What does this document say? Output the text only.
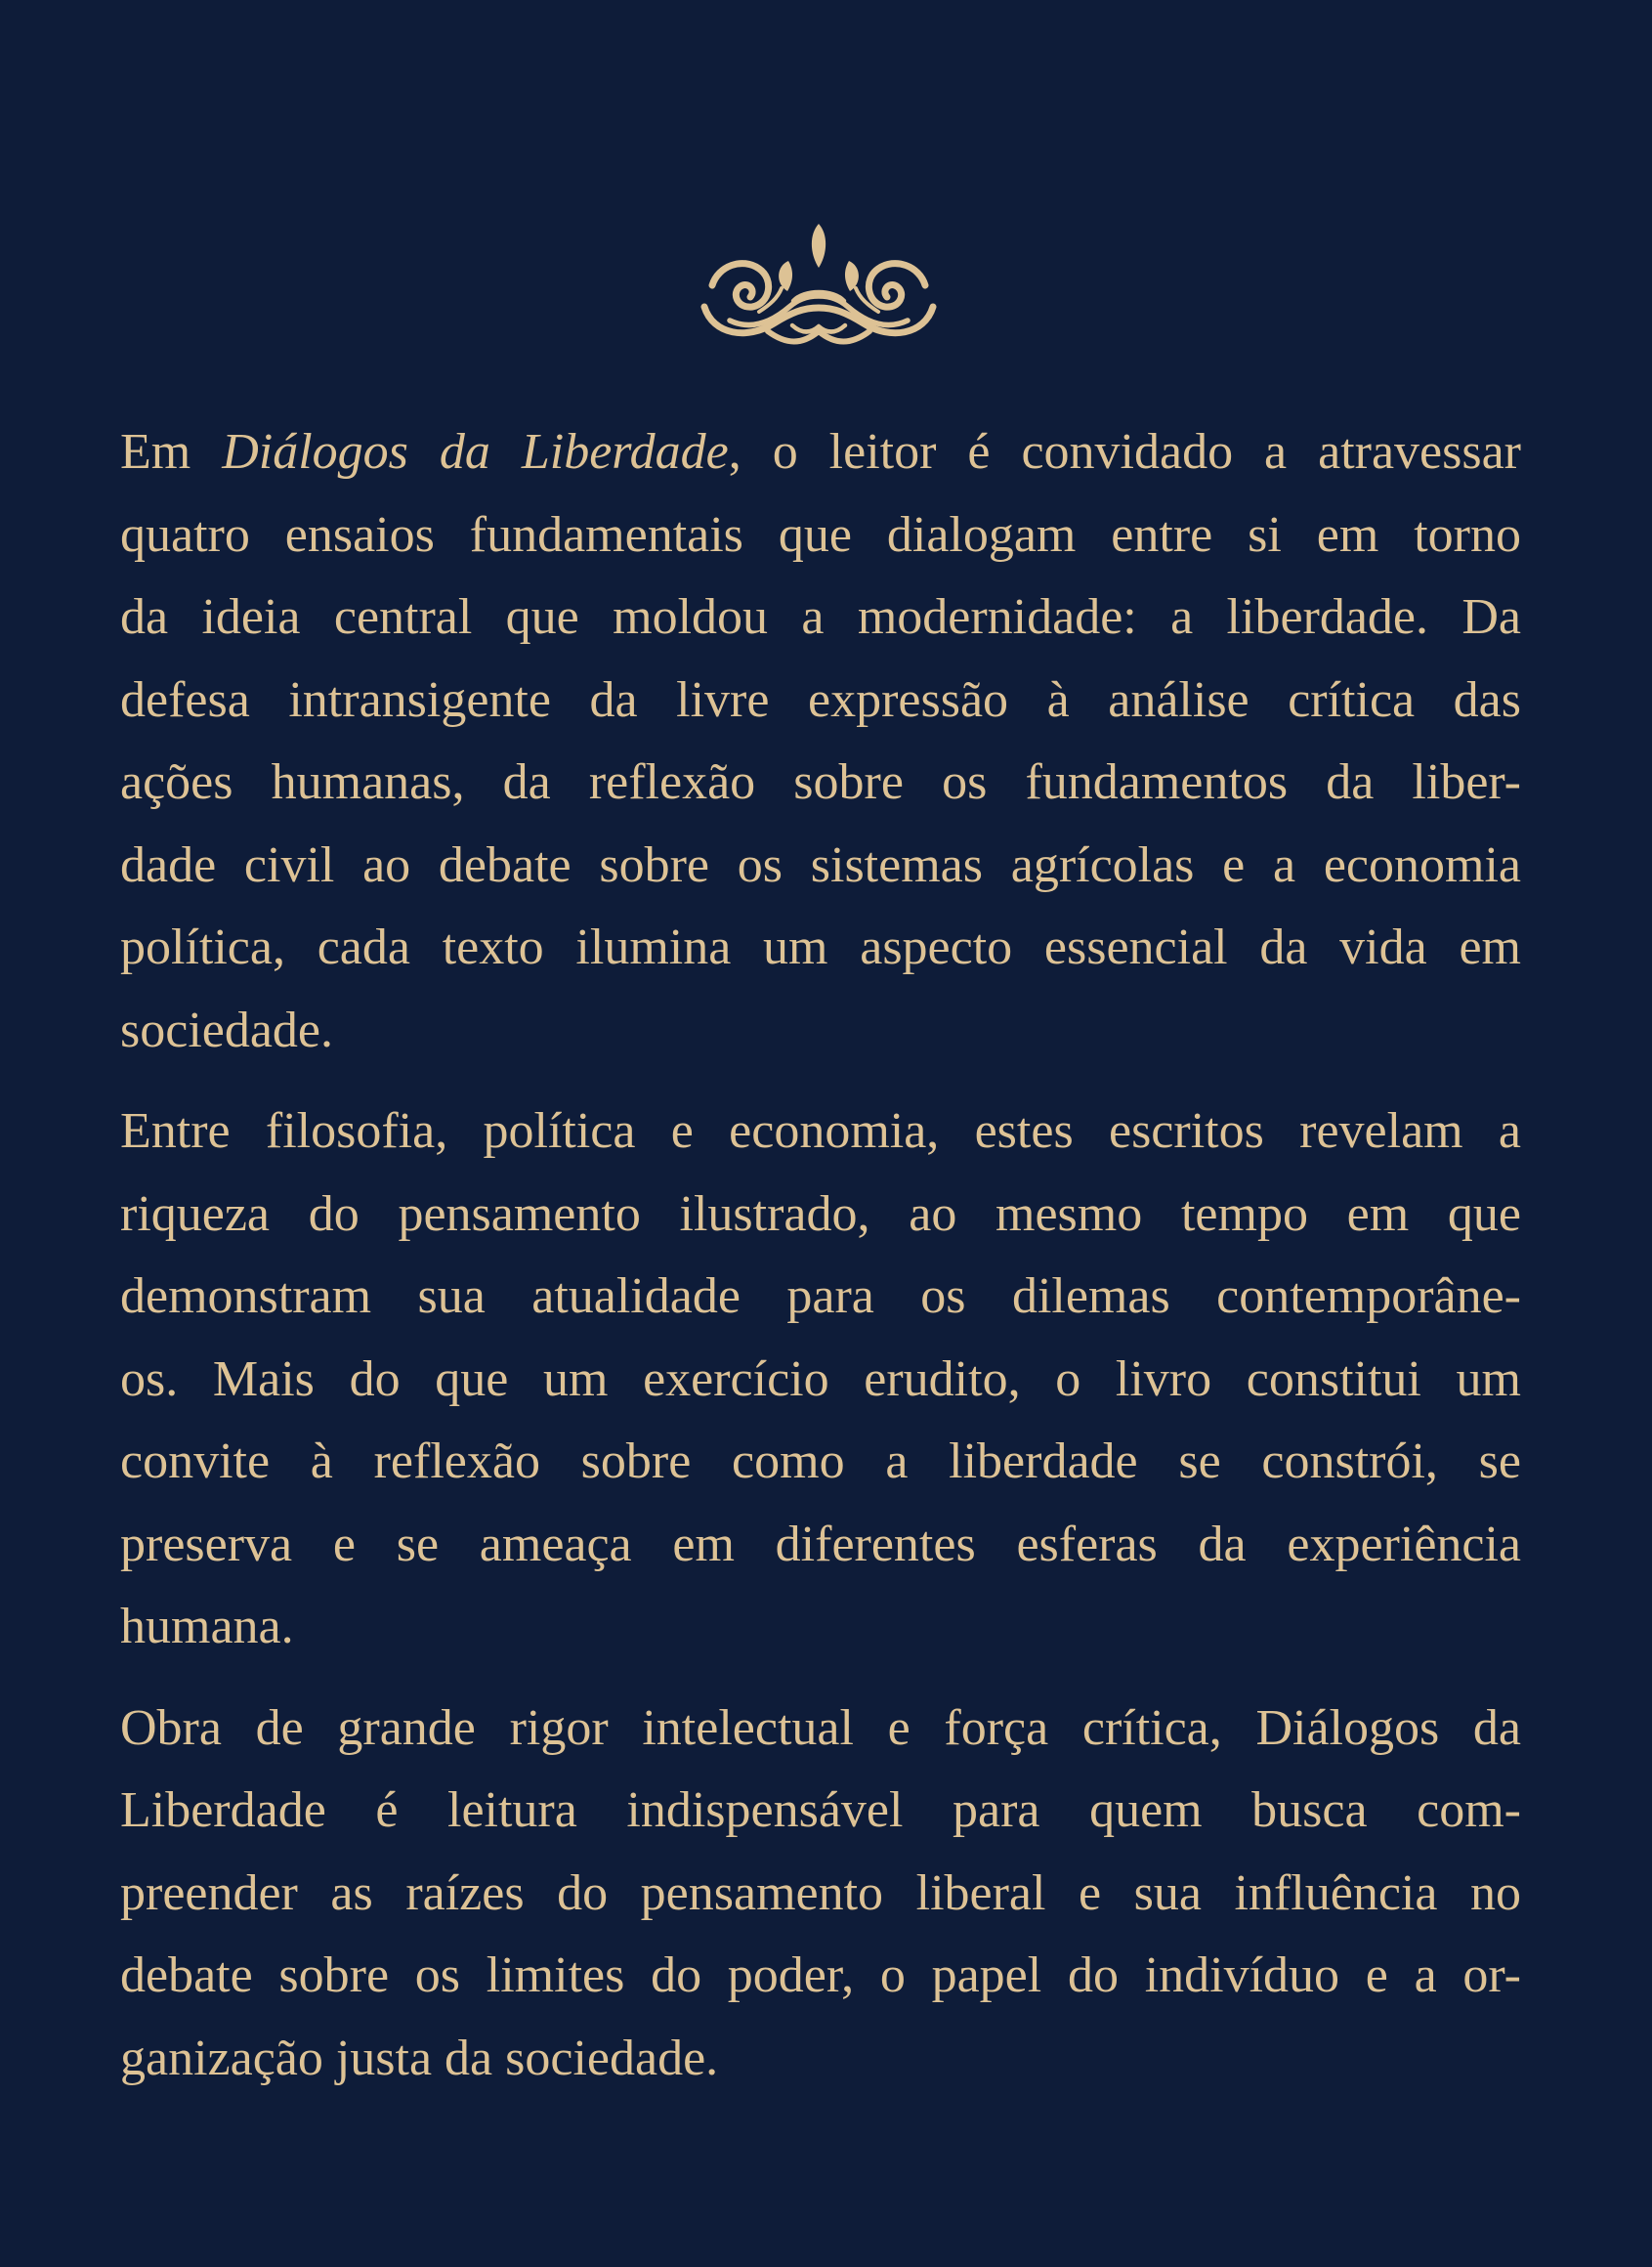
Em Diálogos da Liberdade, o leitor é convidado a atravessar
quatro ensaios fundamentais que dialogam entre si em torno
da ideia central que moldou a modernidade: a liberdade. Da
defesa intransigente da livre expressão à análise crítica das
ações humanas, da reflexão sobre os fundamentos da liber-
dade civil ao debate sobre os sistemas agrícolas e a economia
política, cada texto ilumina um aspecto essencial da vida em
sociedade.

Entre filosofia, política e economia, estes escritos revelam a
riqueza do pensamento ilustrado, ao mesmo tempo em que
demonstram sua atualidade para os dilemas contemporâne-
os. Mais do que um exercício erudito, o livro constitui um
convite à reflexão sobre como a liberdade se constrói, se
preserva e se ameaça em diferentes esferas da experiência
humana.

Obra de grande rigor intelectual e força crítica, Diálogos da
Liberdade é leitura indispensável para quem busca com-
preender as raízes do pensamento liberal e sua influência no
debate sobre os limites do poder, o papel do indivíduo e a or-
ganização justa da sociedade.
